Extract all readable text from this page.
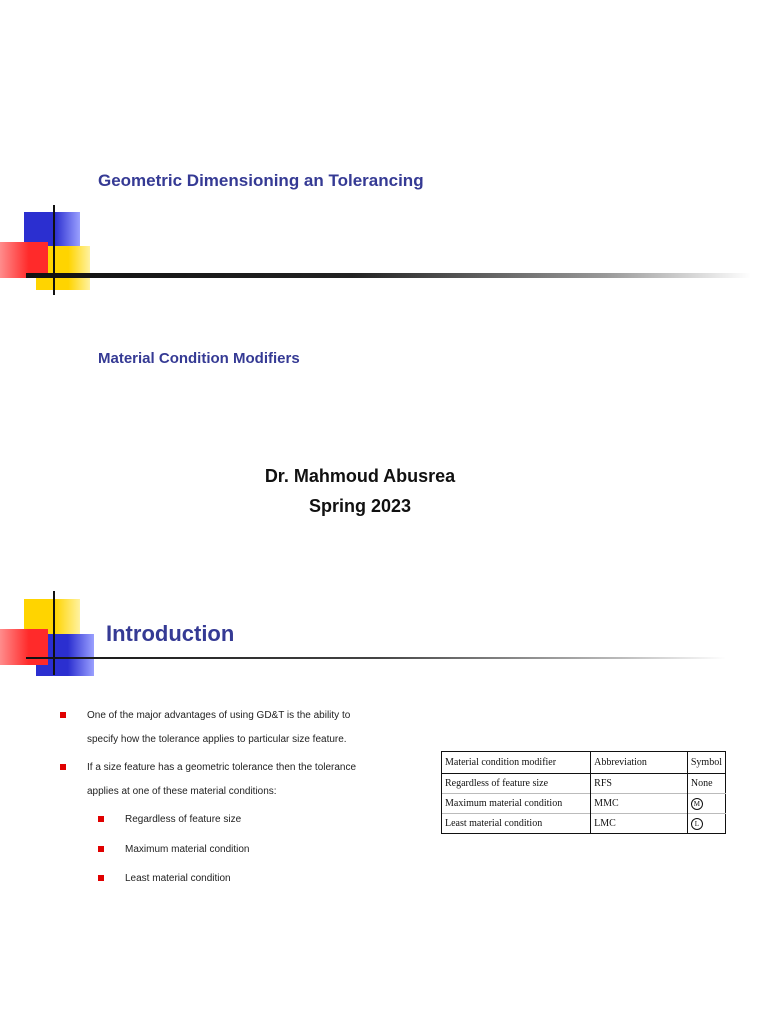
Geometric Dimensioning an Tolerancing
Material Condition Modifiers
Dr. Mahmoud Abusrea
Spring 2023
Introduction
One of the major advantages of using GD&T is the ability to specify how the tolerance applies to particular size feature.
If a size feature has a geometric tolerance then the tolerance applies at one of these material conditions:
Regardless of feature size
Maximum material condition
Least material condition
Material condition modifier	Abbreviation	Symbol
Regardless of feature size	RFS	None
Maximum material condition	MMC	M
Least material condition	LMC	L
